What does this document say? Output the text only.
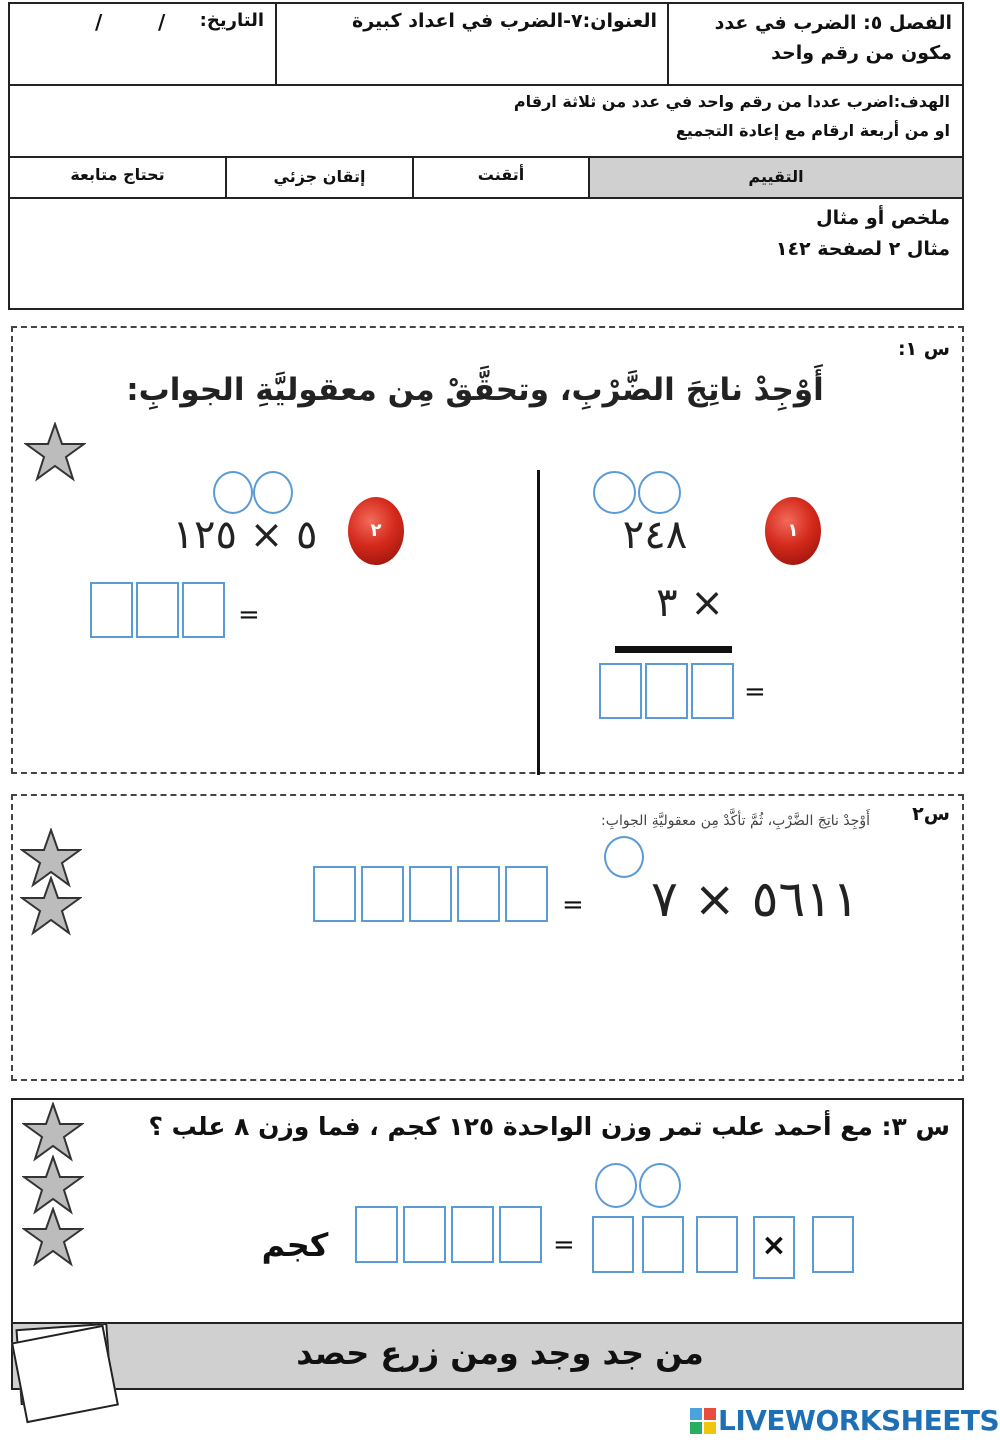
الفصل ٥: الضرب في عدد
مكون من رقم واحد
العنوان:٧-الضرب في اعداد كبيرة
التاريخ:
/        /
الهدف:اضرب عددا من رقم واحد في عدد من ثلاثة ارقام
او من أربعة ارقام مع إعادة التجميع
التقييم
أتقنت
إتقان جزئي
تحتاج متابعة
ملخص أو مثال
مثال ٢ لصفحة ١٤٢
س ١:
أَوْجِدْ ناتِجَ الضَّرْبِ، وتحقَّقْ مِن معقوليَّةِ الجوابِ:
١
٢٤٨
٣ ×
=
٢
٥ × ١٢٥
=
س٢
أَوْجِدْ ناتِجَ الضَّرْبِ، ثُمَّ تأكَّدْ مِن معقوليَّةِ الجوابِ:
٥٦١١ × ٧
=
س ٣: مع أحمد علب تمر وزن الواحدة ١٢٥ كجم ، فما وزن ٨ علب ؟
×
=
كجم
من جد وجد ومن زرع حصد
LIVEWORKSHEETS
